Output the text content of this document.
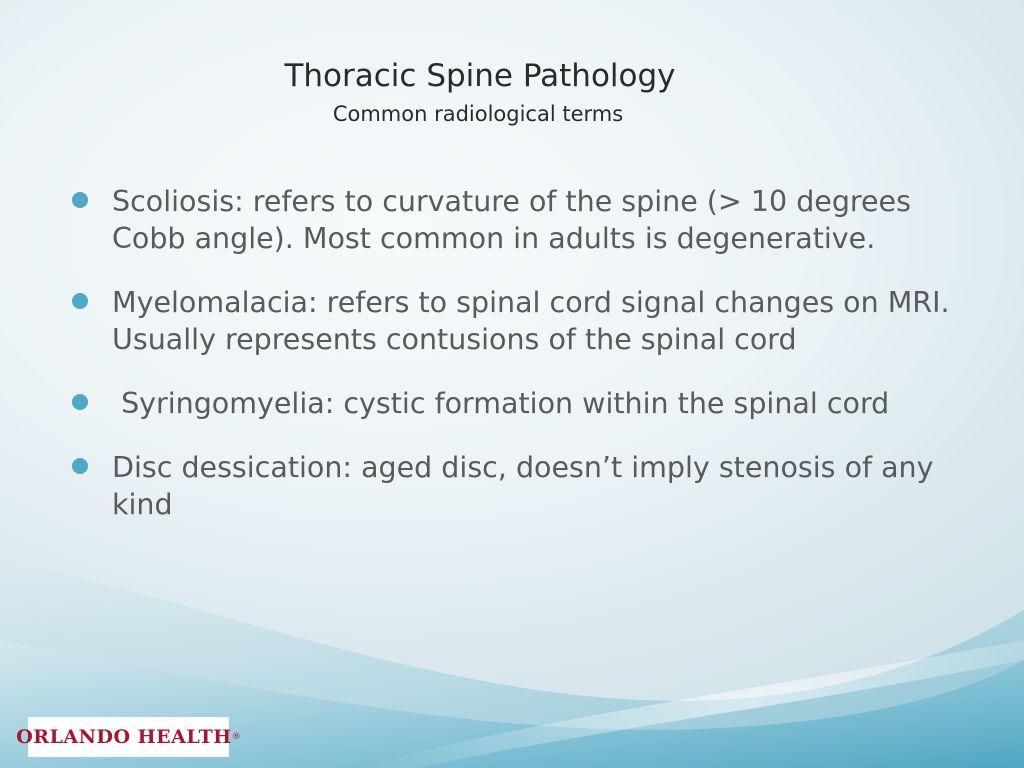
Thoracic Spine Pathology
Common radiological terms
Scoliosis: refers to curvature of the spine (> 10 degrees Cobb angle). Most common in adults is degenerative.
Myelomalacia: refers to spinal cord signal changes on MRI. Usually represents contusions of the spinal cord
Syringomyelia: cystic formation within the spinal cord
Disc dessication: aged disc, doesn’t imply stenosis of any kind
ORLANDO HEALTH ®
